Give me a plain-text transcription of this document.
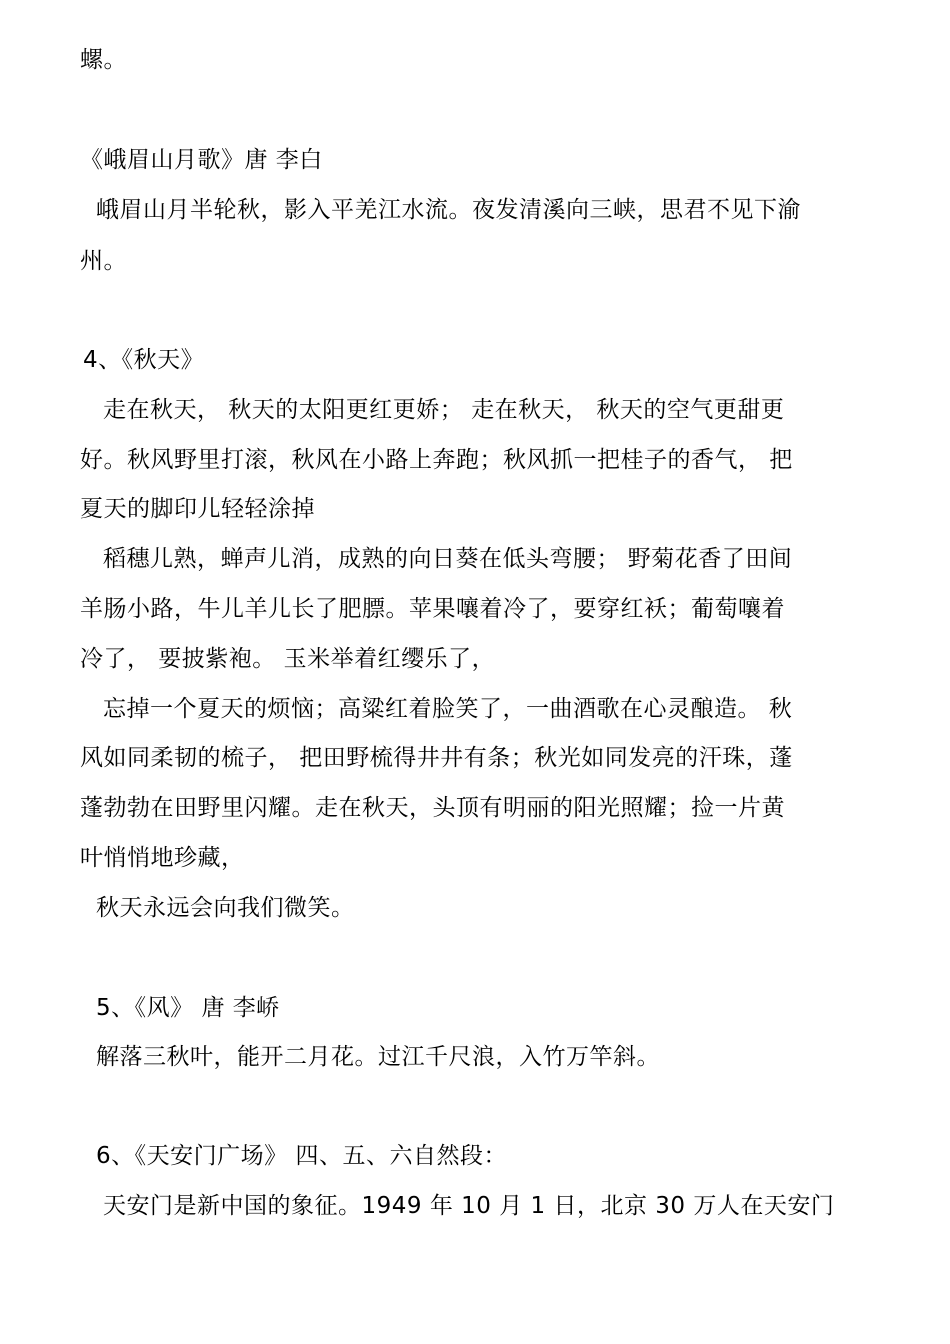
螺。
《峨眉山月歌》唐 李白
峨眉山月半轮秋，影入平羌江水流。夜发清溪向三峡，思君不见下渝
州。
4、《秋天》
走在秋天， 秋天的太阳更红更娇； 走在秋天， 秋天的空气更甜更
好。秋风野里打滚，秋风在小路上奔跑；秋风抓一把桂子的香气， 把
夏天的脚印儿轻轻涂掉
稻穗儿熟，蝉声儿消，成熟的向日葵在低头弯腰； 野菊花香了田间
羊肠小路，牛儿羊儿长了肥膘。苹果嚷着冷了，要穿红袄；葡萄嚷着
冷了， 要披紫袍。 玉米举着红缨乐了，
忘掉一个夏天的烦恼；高粱红着脸笑了，一曲酒歌在心灵酿造。 秋
风如同柔韧的梳子， 把田野梳得井井有条；秋光如同发亮的汗珠，蓬
蓬勃勃在田野里闪耀。走在秋天，头顶有明丽的阳光照耀；捡一片黄
叶悄悄地珍藏，
秋天永远会向我们微笑。
5、《风》 唐 李峤
解落三秋叶，能开二月花。过江千尺浪，入竹万竿斜。
6、《天安门广场》 四、五、六自然段：
天安门是新中国的象征。1949 年 10 月 1 日，北京 30 万人在天安门
